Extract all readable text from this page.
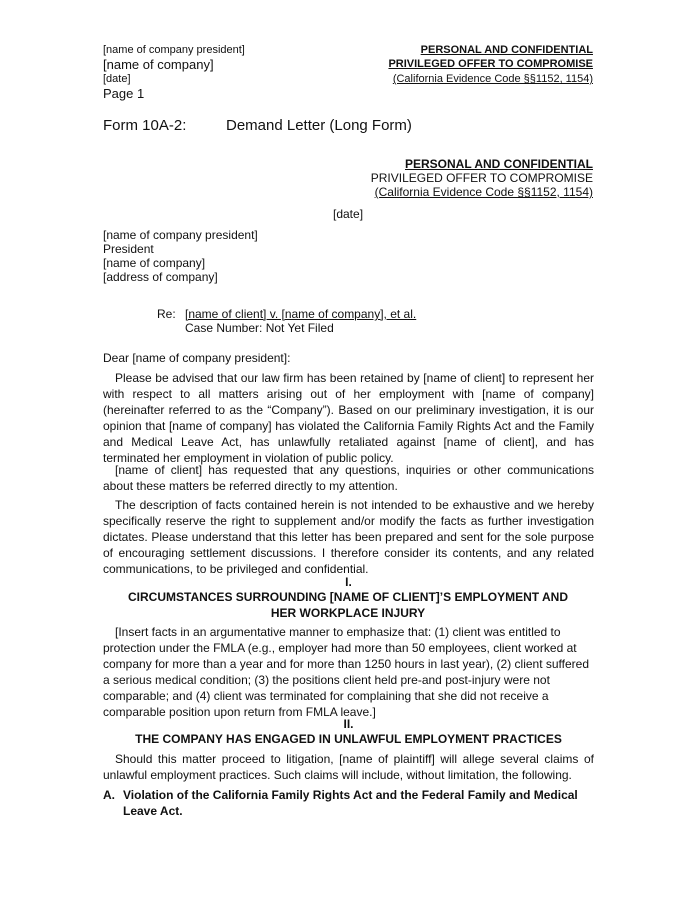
[name of company president]
[name of company]
[date]
Page 1
PERSONAL AND CONFIDENTIAL
PRIVILEGED OFFER TO COMPROMISE
(California Evidence Code §§1152, 1154)
Form 10A-2:	Demand Letter (Long Form)
PERSONAL AND CONFIDENTIAL
PRIVILEGED OFFER TO COMPROMISE
(California Evidence Code §§1152, 1154)
[date]
[name of company president]
President
[name of company]
[address of company]
Re: [name of client] v. [name of company], et al.
Case Number: Not Yet Filed
Dear [name of company president]:
Please be advised that our law firm has been retained by [name of client] to represent her with respect to all matters arising out of her employment with [name of company] (hereinafter referred to as the “Company”). Based on our preliminary investigation, it is our opinion that [name of company] has violated the California Family Rights Act and the Family and Medical Leave Act, has unlawfully retaliated against [name of client], and has terminated her employment in violation of public policy.
[name of client] has requested that any questions, inquiries or other communications about these matters be referred directly to my attention.
The description of facts contained herein is not intended to be exhaustive and we hereby specifically reserve the right to supplement and/or modify the facts as further investigation dictates. Please understand that this letter has been prepared and sent for the sole purpose of encouraging settlement discussions. I therefore consider its contents, and any related communications, to be privileged and confidential.
I.
CIRCUMSTANCES SURROUNDING [NAME OF CLIENT]’S EMPLOYMENT AND HER WORKPLACE INJURY
[Insert facts in an argumentative manner to emphasize that: (1) client was entitled to protection under the FMLA (e.g., employer had more than 50 employees, client worked at company for more than a year and for more than 1250 hours in last year), (2) client suffered a serious medical condition; (3) the positions client held pre-and post-injury were not comparable; and (4) client was terminated for complaining that she did not receive a comparable position upon return from FMLA leave.]
II.
THE COMPANY HAS ENGAGED IN UNLAWFUL EMPLOYMENT PRACTICES
Should this matter proceed to litigation, [name of plaintiff] will allege several claims of unlawful employment practices. Such claims will include, without limitation, the following.
A. Violation of the California Family Rights Act and the Federal Family and Medical Leave Act.
